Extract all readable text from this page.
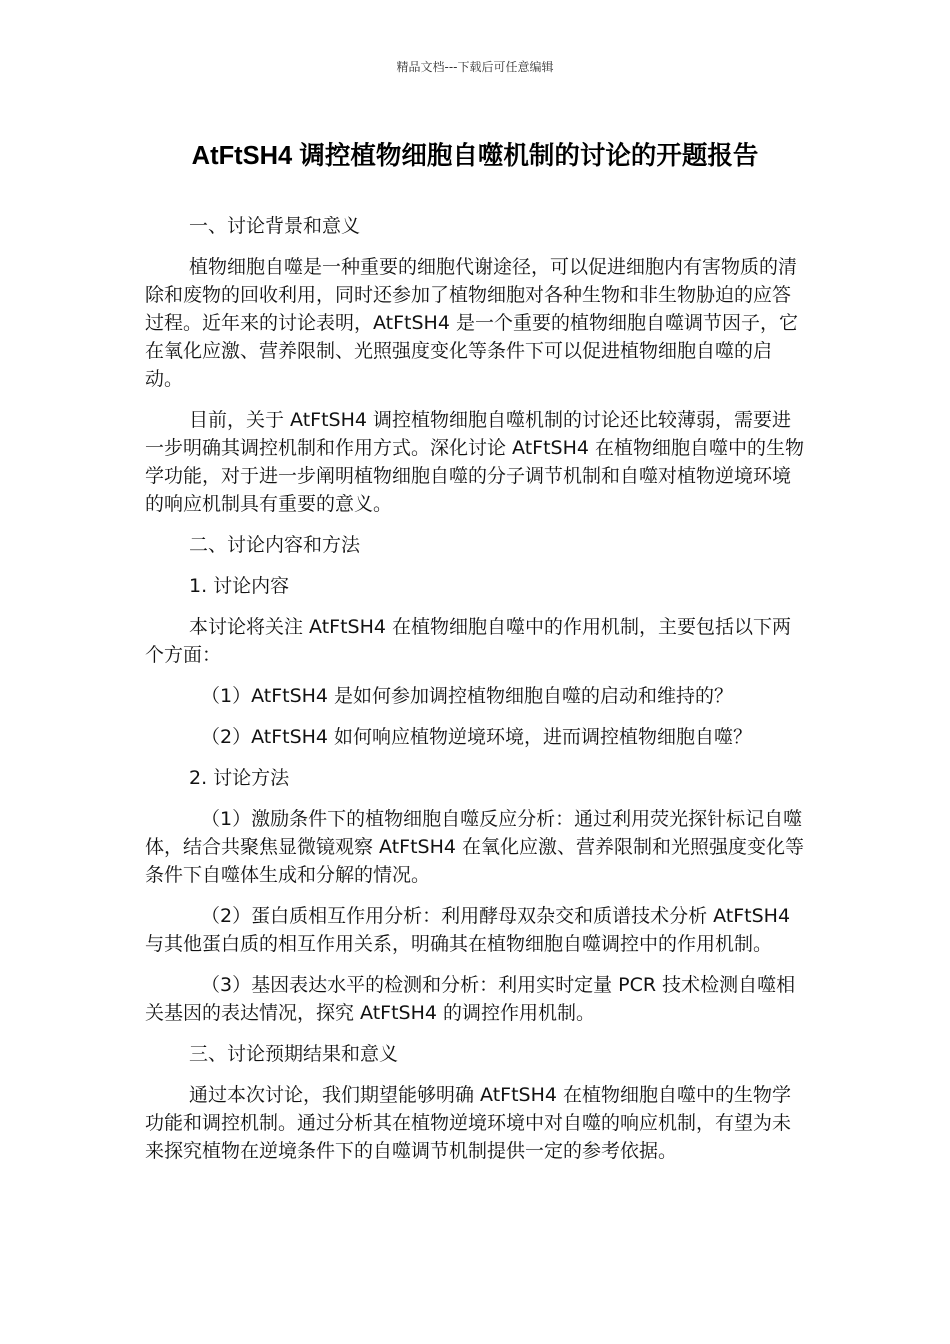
精品文档---下载后可任意编辑
AtFtSH4 调控植物细胞自噬机制的讨论的开题报告

一、讨论背景和意义

植物细胞自噬是一种重要的细胞代谢途径，可以促进细胞内有害物质的清除和废物的回收利用，同时还参加了植物细胞对各种生物和非生物胁迫的应答过程。近年来的讨论表明，AtFtSH4 是一个重要的植物细胞自噬调节因子，它在氧化应激、营养限制、光照强度变化等条件下可以促进植物细胞自噬的启动。

目前，关于 AtFtSH4 调控植物细胞自噬机制的讨论还比较薄弱，需要进一步明确其调控机制和作用方式。深化讨论 AtFtSH4 在植物细胞自噬中的生物学功能，对于进一步阐明植物细胞自噬的分子调节机制和自噬对植物逆境环境的响应机制具有重要的意义。

二、讨论内容和方法

1. 讨论内容

本讨论将关注 AtFtSH4 在植物细胞自噬中的作用机制，主要包括以下两个方面：

（1）AtFtSH4 是如何参加调控植物细胞自噬的启动和维持的？

（2）AtFtSH4 如何响应植物逆境环境，进而调控植物细胞自噬？

2. 讨论方法

（1）激励条件下的植物细胞自噬反应分析：通过利用荧光探针标记自噬体，结合共聚焦显微镜观察 AtFtSH4 在氧化应激、营养限制和光照强度变化等条件下自噬体生成和分解的情况。

（2）蛋白质相互作用分析：利用酵母双杂交和质谱技术分析 AtFtSH4 与其他蛋白质的相互作用关系，明确其在植物细胞自噬调控中的作用机制。

（3）基因表达水平的检测和分析：利用实时定量 PCR 技术检测自噬相关基因的表达情况，探究 AtFtSH4 的调控作用机制。

三、讨论预期结果和意义

通过本次讨论，我们期望能够明确 AtFtSH4 在植物细胞自噬中的生物学功能和调控机制。通过分析其在植物逆境环境中对自噬的响应机制，有望为未来探究植物在逆境条件下的自噬调节机制提供一定的参考依据。
